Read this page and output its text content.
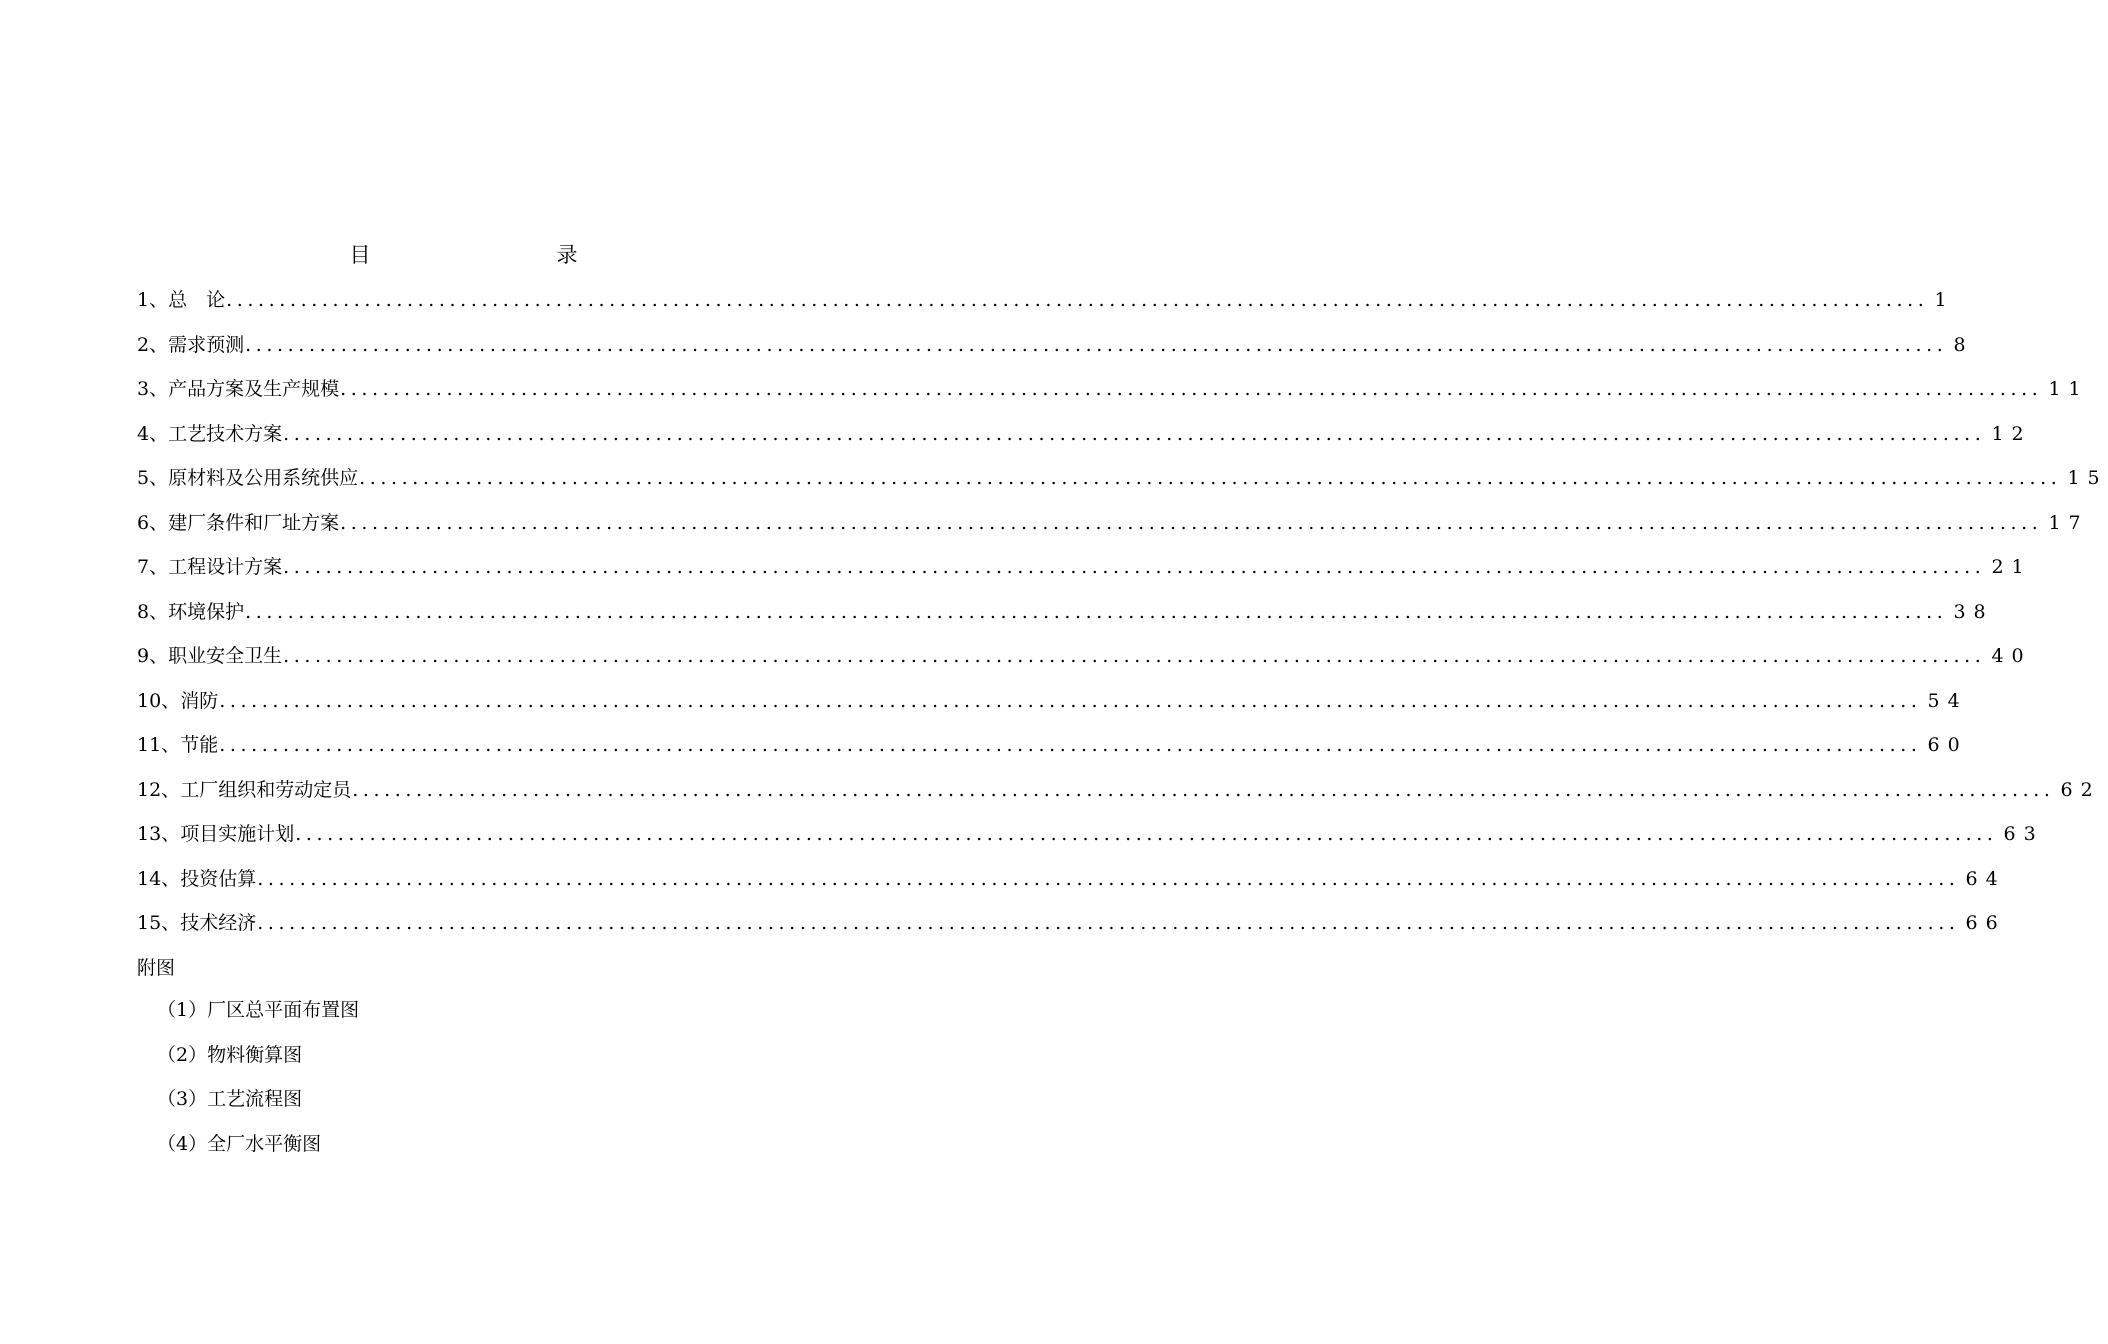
目　　录
1、 总　论 ................................................................................................................................................................ 1
2、 需求预测 ................................................................................................................................................................ 8
3、 产品方案及生产规模 ................................................................................................................................................................ 11
4、 工艺技术方案 ................................................................................................................................................................ 12
5、 原材料及公用系统供应 ................................................................................................................................................................ 15
6、 建厂条件和厂址方案 ................................................................................................................................................................ 17
7、 工程设计方案 ................................................................................................................................................................ 21
8、 环境保护 ................................................................................................................................................................ 38
9、 职业安全卫生 ................................................................................................................................................................ 40
10、 消防 ................................................................................................................................................................ 54
11、 节能 ................................................................................................................................................................ 60
12、 工厂组织和劳动定员 ................................................................................................................................................................ 62
13、 项目实施计划 ................................................................................................................................................................ 63
14、 投资估算 ................................................................................................................................................................ 64
15、 技术经济 ................................................................................................................................................................ 66
附图
（1）厂区总平面布置图
（2）物料衡算图
（3）工艺流程图
（4）全厂水平衡图
